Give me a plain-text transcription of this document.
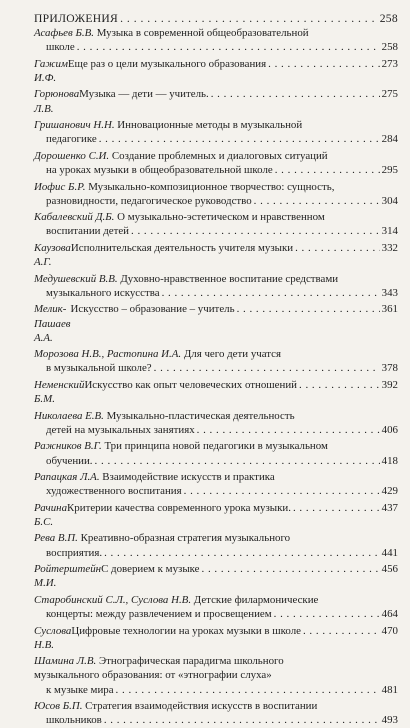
ПРИЛОЖЕНИЯ . . .	258
Асафьев Б.В. Музыка в современной общеобразовательной
школе . . .	258
Гажим И.Ф.
Еще раз о цели музыкального образования . . .	273
Горюнова Л.В.
Музыка — дети — учитель. . . .	275
Гришанович Н.Н. Инновационные методы в музыкальной
педагогике . . .	284
Дорошенко С.И. Создание проблемных и диалоговых ситуаций
на уроках музыки в общеобразовательной школе . . .	295
Иофис Б.Р. Музыкально-композиционное творчество: сущность,
разновидности, педагогическое руководство . . .	304
Кабалевский Д.Б. О музыкально-эстетическом и нравственном
воспитании детей . . .	314
Каузова А.Г.
Исполнительская деятельность учителя музыки . . .	332
Медушевский В.В. Духовно-нравственное воспитание средствами
музыкального искусства . . .	343
Мелик-Пашаев А.А.
Искусство – образование – учитель . . .	361
Морозова Н.В., Растопина И.А. Для чего дети учатся
в музыкальной школе? . . .	378
Неменский Б.М.
Искусство как опыт человеческих отношений . . .	392
Николаева Е.В. Музыкально-пластическая деятельность
детей на музыкальных занятиях . . .	406
Ражников В.Г. Три принципа новой педагогики в музыкальном
обучении. . . .	418
Рапацкая Л.А. Взаимодействие искусств и практика
художественного воспитания . . .	429
Рачина Б.С.
Критерии качества современного урока музыки. . . .	437
Рева В.П. Креативно-образная стратегия музыкального
восприятия. . . .	441
Ройтерштейн М.И.
С доверием к музыке . . .	456
Старобинский С.Л., Суслова Н.В. Детские филармонические
концерты: между развлечением и просвещением . . .	464
Суслова Н.В.
Цифровые технологии на уроках музыки в школе . . .	470
Шамина Л.В. Этнографическая парадигма школьного
музыкального образования: от «этнографии слуха»
к музыке мира . . .	481
Юсов Б.П. Стратегия взаимодействия искусств в воспитании
школьников . . .	493
